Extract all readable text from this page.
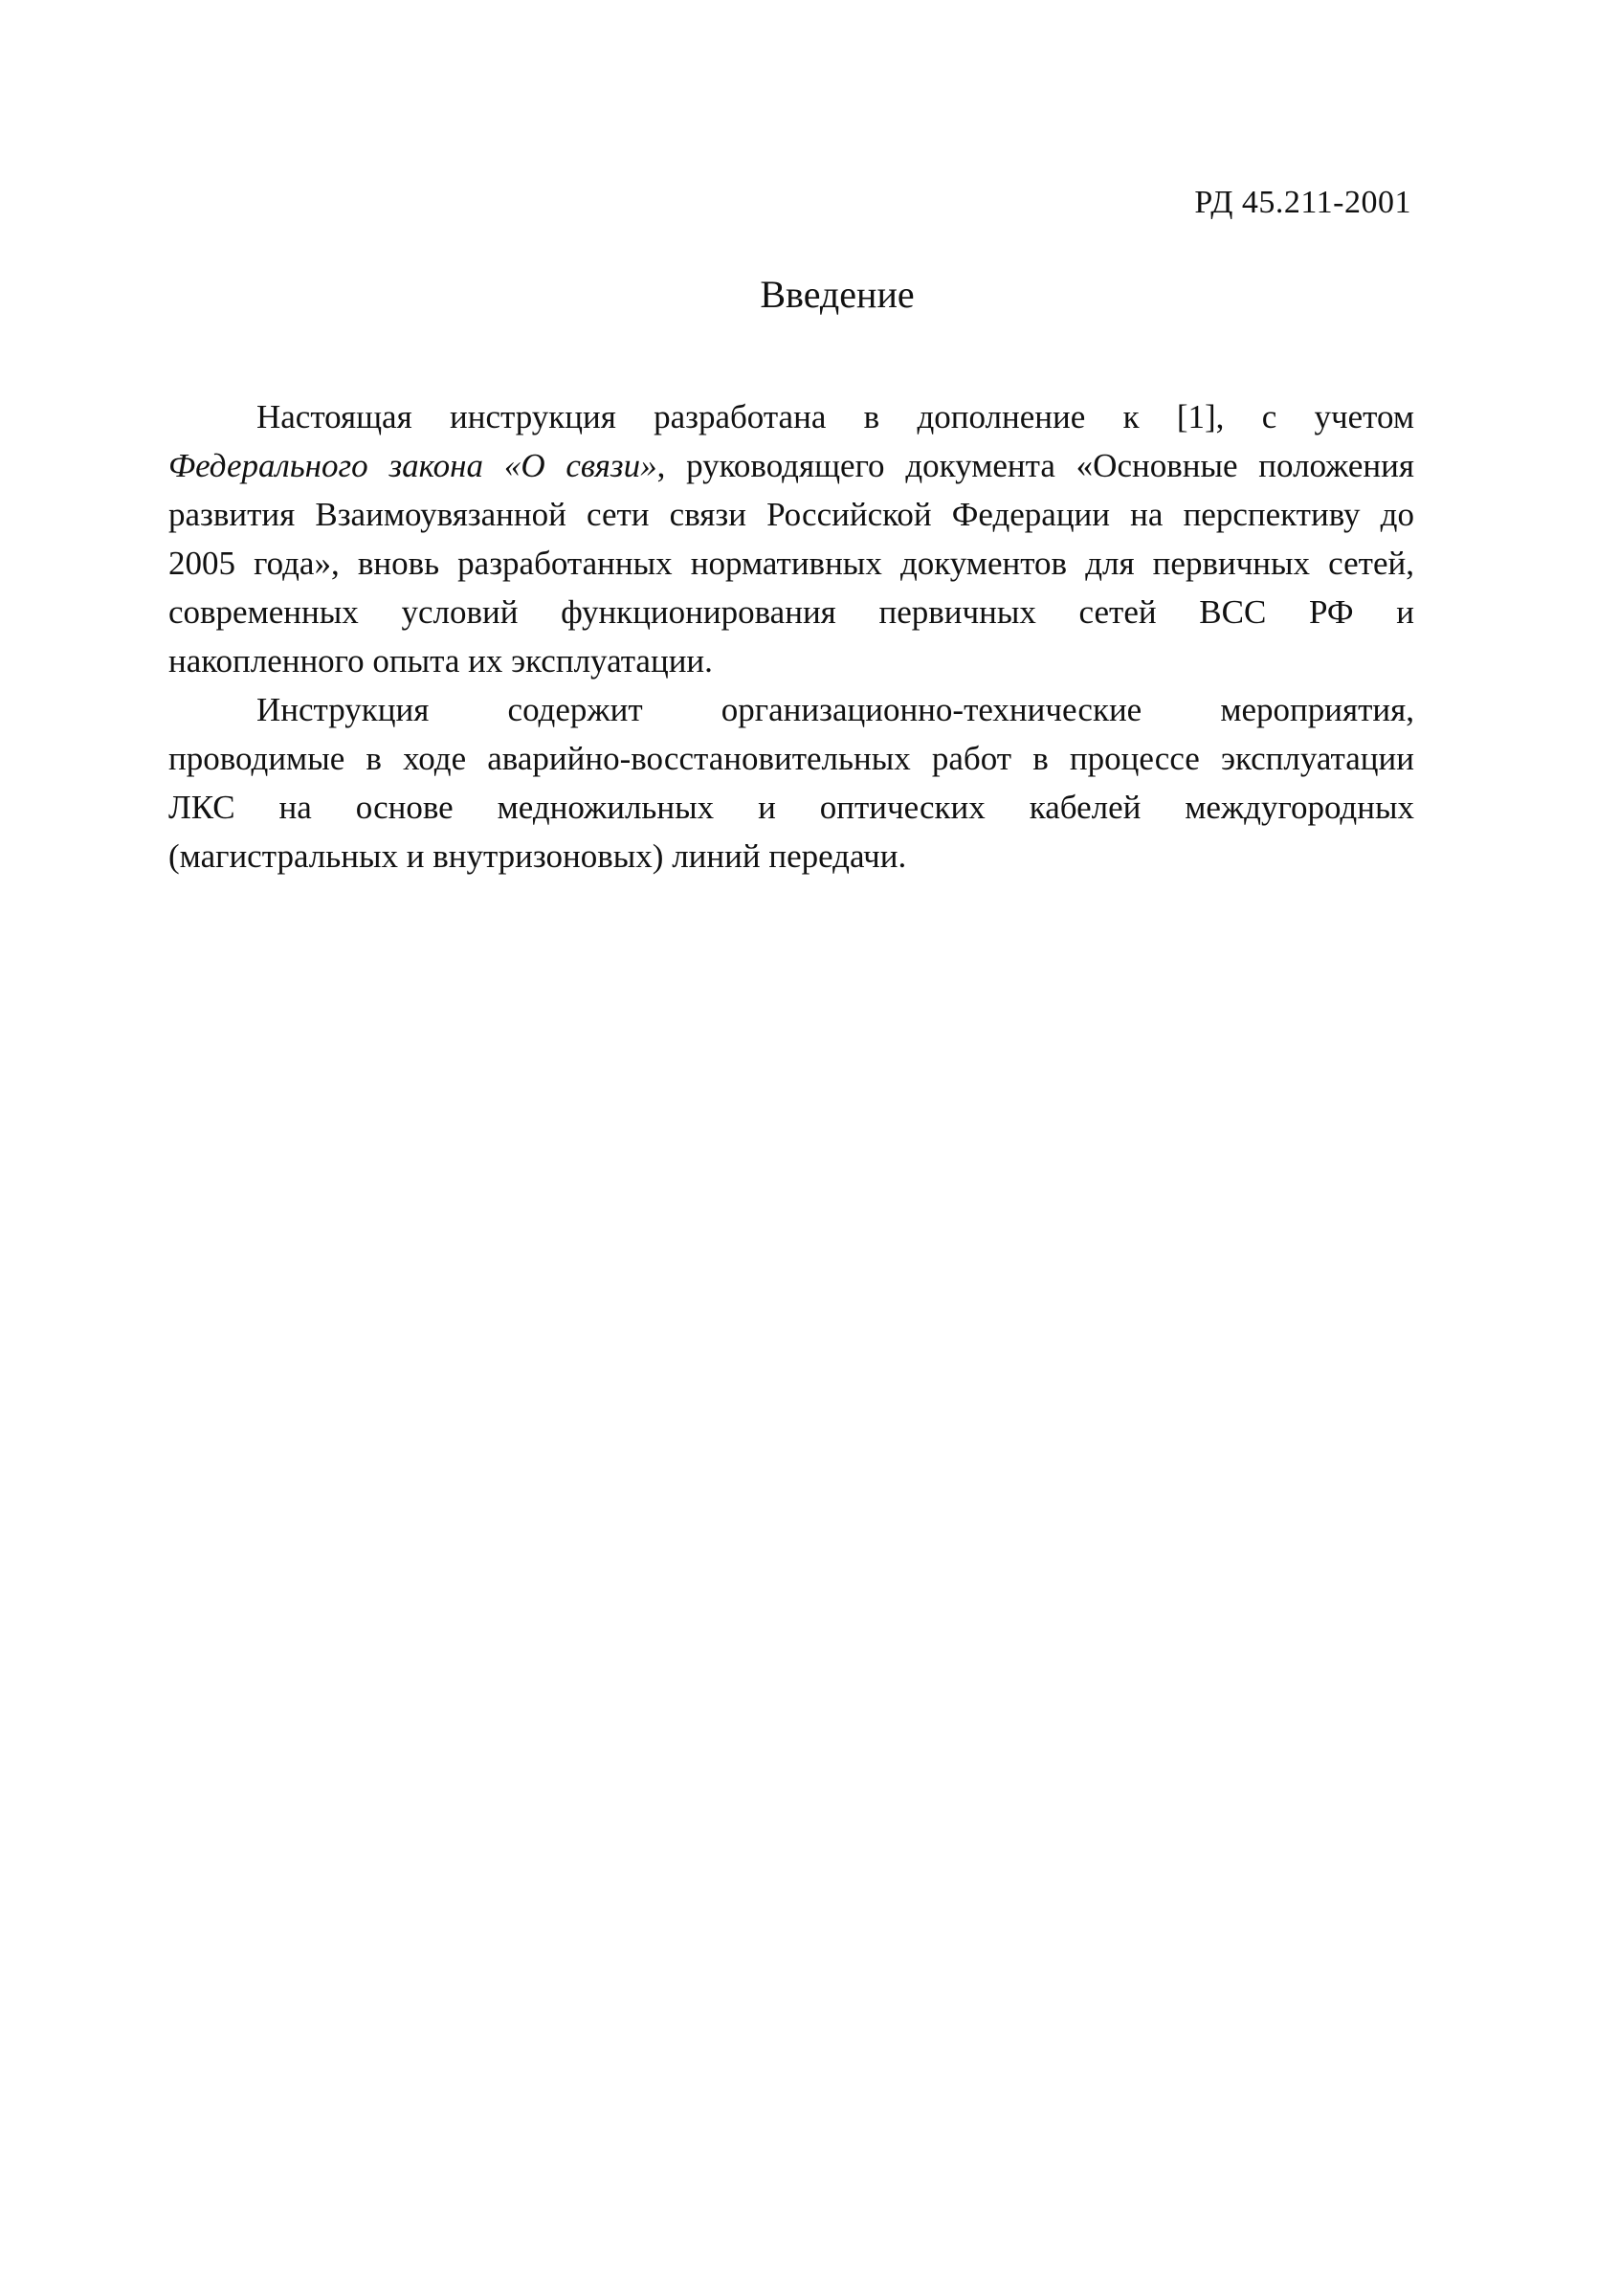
РД 45.211-2001
Введение
Настоящая инструкция разработана в дополнение к [1], с учетом
Федерального закона «О связи», руководящего документа «Основные положения
развития Взаимоувязанной сети связи Российской Федерации на перспективу до
2005 года», вновь разработанных нормативных документов для первичных сетей,
современных условий функционирования первичных сетей ВСС РФ и
накопленного опыта их эксплуатации.
Инструкция содержит организационно-технические мероприятия,
проводимые в ходе аварийно-восстановительных работ в процессе эксплуатации
ЛКС на основе медножильных и оптических кабелей междугородных
(магистральных и внутризоновых) линий передачи.
